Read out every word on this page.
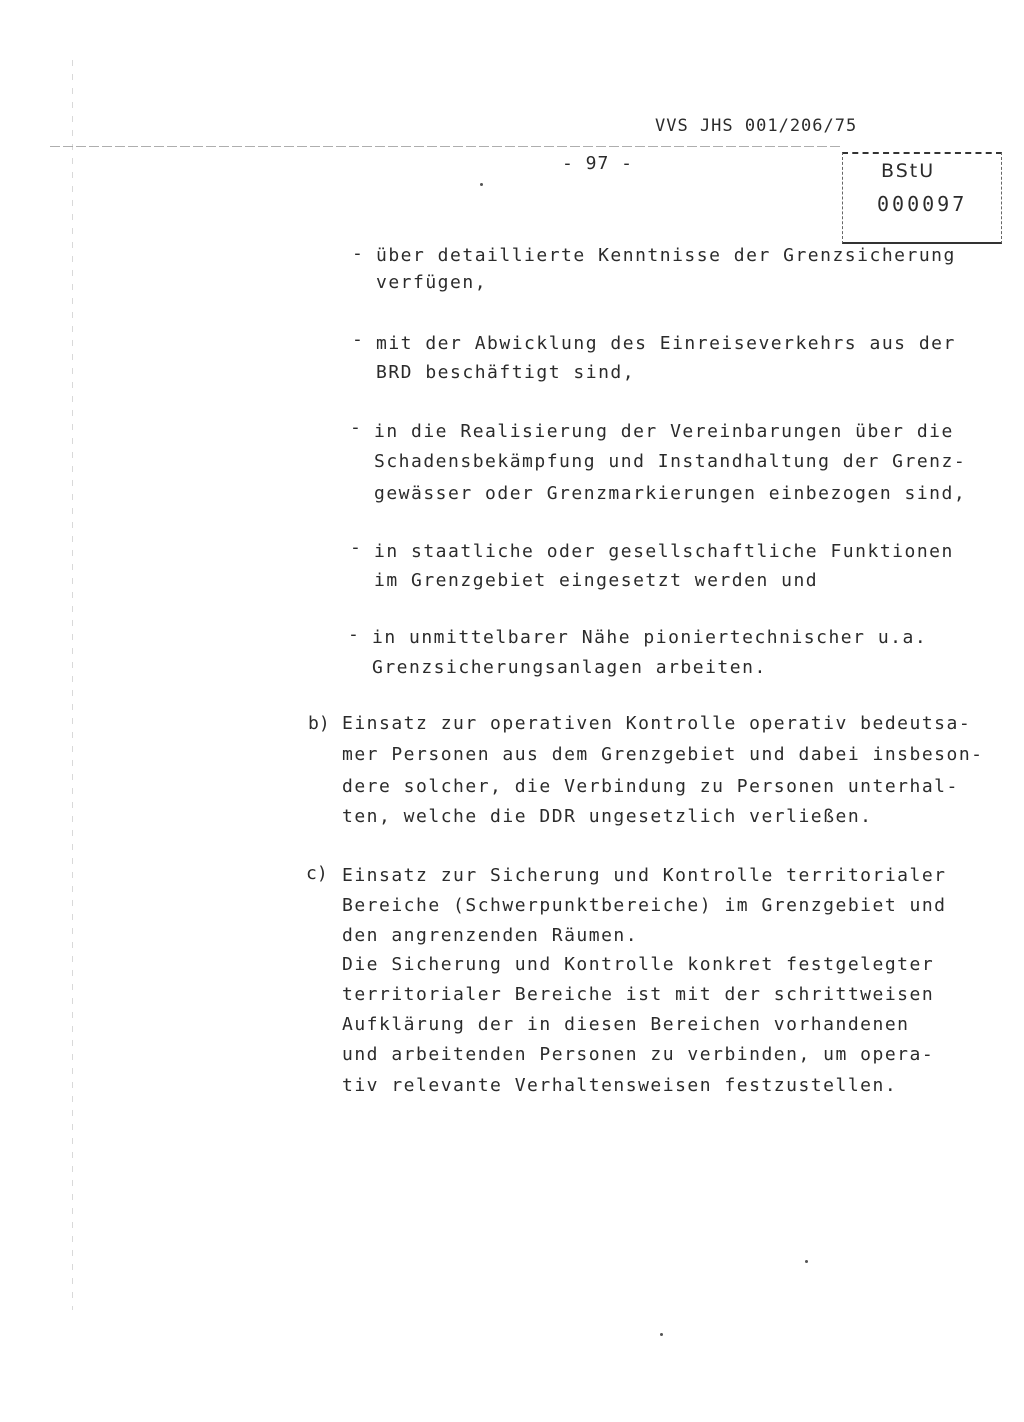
VVS JHS 001/206/75
- 97 -	BStU
000097
- über detaillierte Kenntnisse der Grenzsicherung
verfügen,
- mit der Abwicklung des Einreiseverkehrs aus der
BRD beschäftigt sind,
- in die Realisierung der Vereinbarungen über die
Schadensbekämpfung und Instandhaltung der Grenz-
gewässer oder Grenzmarkierungen einbezogen sind,
- in staatliche oder gesellschaftliche Funktionen
im Grenzgebiet eingesetzt werden und
- in unmittelbarer Nähe pioniertechnischer u.a.
Grenzsicherungsanlagen arbeiten.
b) Einsatz zur operativen Kontrolle operativ bedeutsa-
mer Personen aus dem Grenzgebiet und dabei insbeson-
dere solcher, die Verbindung zu Personen unterhal-
ten, welche die DDR ungesetzlich verließen.
c) Einsatz zur Sicherung und Kontrolle territorialer
Bereiche (Schwerpunktbereiche) im Grenzgebiet und
den angrenzenden Räumen.
Die Sicherung und Kontrolle konkret festgelegter
territorialer Bereiche ist mit der schrittweisen
Aufklärung der in diesen Bereichen vorhandenen
und arbeitenden Personen zu verbinden, um opera-
tiv relevante Verhaltensweisen festzustellen.
